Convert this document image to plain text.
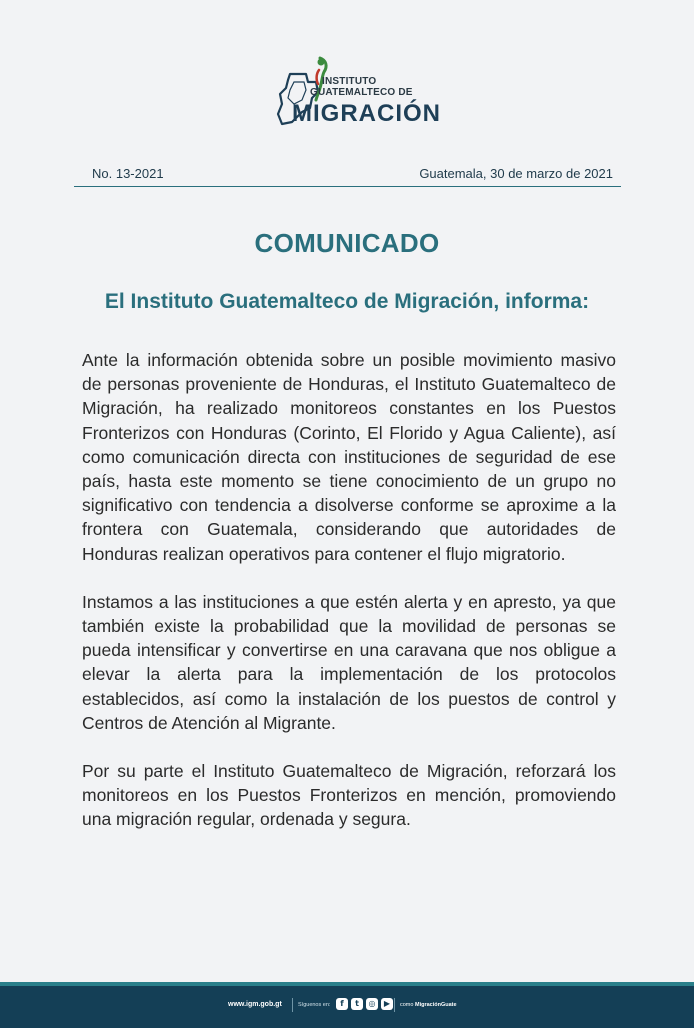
INSTITUTO
GUATEMALTECO DE
MIGRACIÓN
No. 13-2021	Guatemala, 30 de marzo de 2021
COMUNICADO
El Instituto Guatemalteco de Migración, informa:

Ante la información obtenida sobre un posible movimiento masivo de personas proveniente de Honduras, el Instituto Guatemalteco de Migración, ha realizado monitoreos constantes en los Puestos Fronterizos con Honduras (Corinto, El Florido y Agua Caliente), así como comunicación directa con instituciones de seguridad de ese país, hasta este momento se tiene conocimiento de un grupo no significativo con tendencia a disolverse conforme se aproxime a la frontera con Guatemala, considerando que autoridades de Honduras realizan operativos para contener el flujo migratorio.

Instamos a las instituciones a que estén alerta y en apresto, ya que también existe la probabilidad que la movilidad de personas se pueda intensificar y convertirse en una caravana que nos obligue a elevar la alerta para la implementación de los protocolos establecidos, así como la instalación de los puestos de control y Centros de Atención al Migrante.

Por su parte el Instituto Guatemalteco de Migración, reforzará los monitoreos en los Puestos Fronterizos en mención, promoviendo una migración regular, ordenada y segura.

www.igm.gob.gt	Síguenos en:	f	t	◎	▶	como MigraciónGuate
